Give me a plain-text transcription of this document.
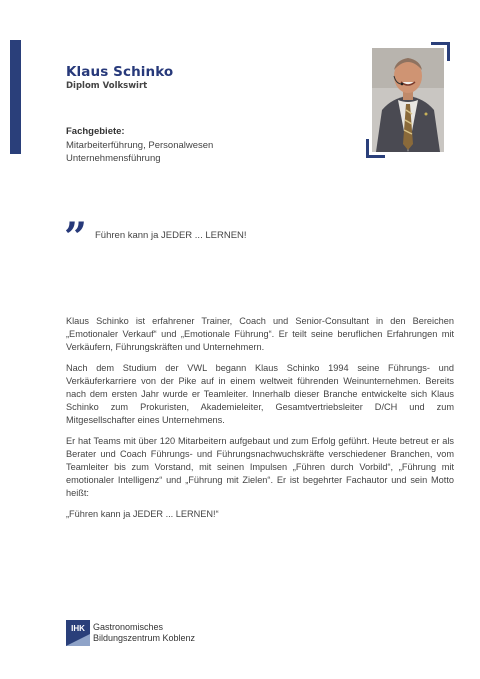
Klaus Schinko
Diplom Volkswirt
Fachgebiete:
Mitarbeiterführung, Personalwesen
Unternehmensführung
” Führen kann ja JEDER ... LERNEN!

Klaus Schinko ist erfahrener Trainer, Coach und Senior-Consultant in den Bereichen „Emotionaler Verkauf“ und „Emotionale Führung“. Er teilt seine beruflichen Erfahrungen mit Verkäufern, Führungskräften und Unternehmern.

Nach dem Studium der VWL begann Klaus Schinko 1994 seine Führungs- und Verkäuferkarriere von der Pike auf in einem weltweit führenden Weinunternehmen. Bereits nach dem ersten Jahr wurde er Teamleiter. Innerhalb dieser Branche entwickelte sich Klaus Schinko zum Prokuristen, Akademieleiter, Gesamtvertriebsleiter D/CH und zum Mitgesellschafter eines Unternehmens.

Er hat Teams mit über 120 Mitarbeitern aufgebaut und zum Erfolg geführt. Heute betreut er als Berater und Coach Führungs- und Führungsnachwuchskräfte verschiedener Branchen, vom Teamleiter bis zum Vorstand, mit seinen Impulsen „Führen durch Vorbild“, „Führung mit emotionaler Intelligenz“ und „Führung mit Zielen“. Er ist begehrter Fachautor und sein Motto heißt:

„Führen kann ja JEDER ... LERNEN!“

IHK Gastronomisches
Bildungszentrum Koblenz
